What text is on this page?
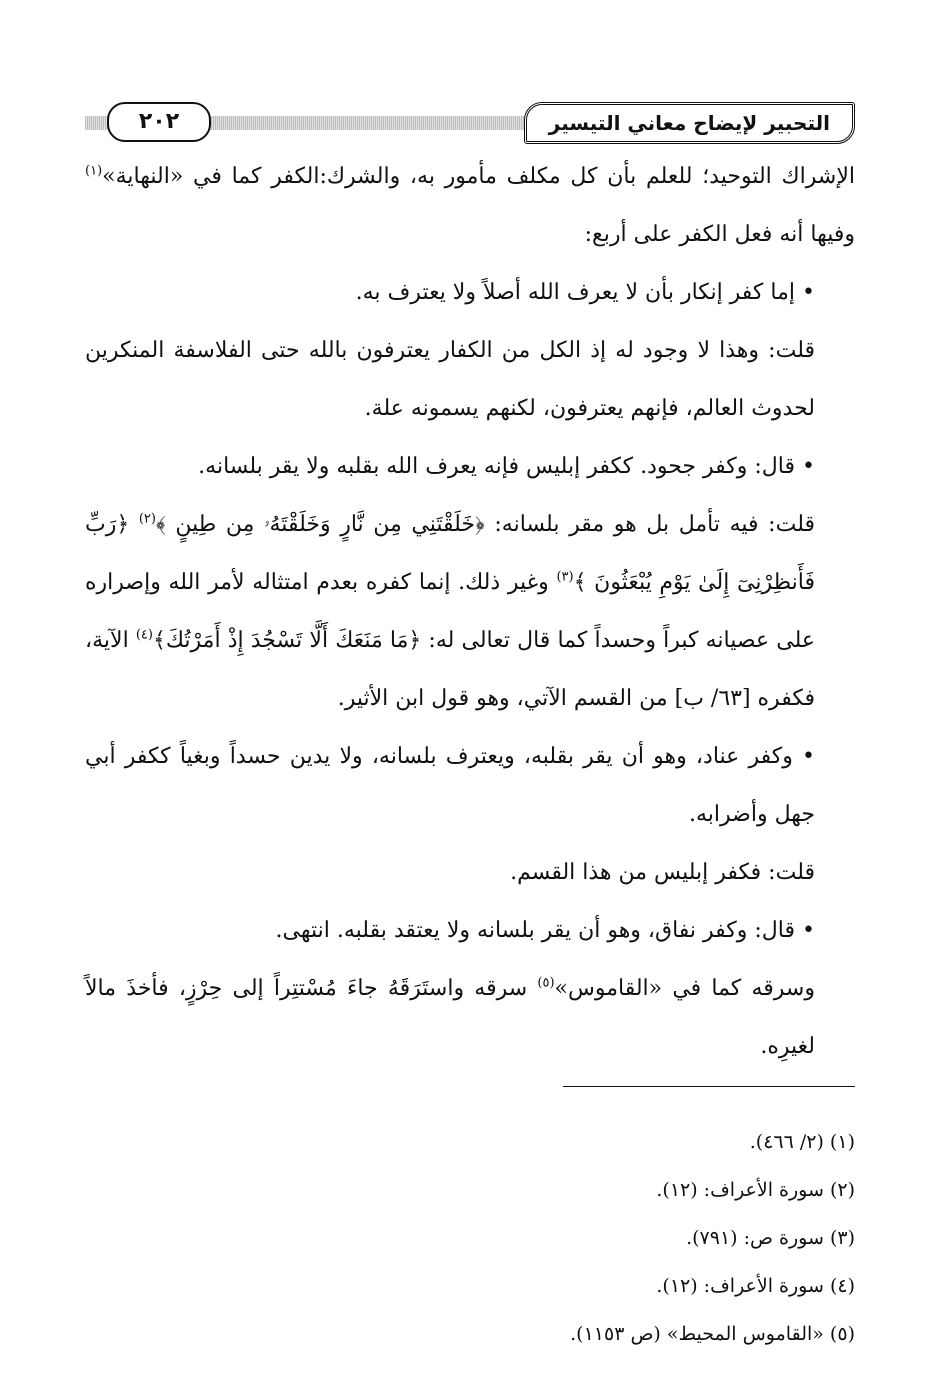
التحبير لإيضاح معاني التيسير
٢٠٢

الإشراك التوحيد؛ للعلم بأن كل مكلف مأمور به، والشرك:الكفر كما في «النهاية»$^{(١)}$ وفيها أنه فعل الكفر على أربع:

• إما كفر إنكار بأن لا يعرف الله أصلاً ولا يعترف به.

قلت: وهذا لا وجود له إذ الكل من الكفار يعترفون بالله حتى الفلاسفة المنكرين لحدوث العالم، فإنهم يعترفون، لكنهم يسمونه علة.

• قال: وكفر جحود. ككفر إبليس فإنه يعرف الله بقلبه ولا يقر بلسانه.

قلت: فيه تأمل بل هو مقر بلسانه: ﴿خَلَقْتَنِي مِن نَّارٍ وَخَلَقْتَهُۥ مِن طِينٍ ﴾$^{(٢)}$ ﴿رَبِّ فَأَنظِرْنِىٓ إِلَىٰ يَوْمِ يُبْعَثُونَ ﴾$^{(٣)}$ وغير ذلك. إنما كفره بعدم امتثاله لأمر الله وإصراره على عصيانه كبراً وحسداً كما قال تعالى له: ﴿مَا مَنَعَكَ أَلَّا تَسْجُدَ إِذْ أَمَرْتُكَ﴾$^{(٤)}$ الآية، فكفره [٦٣/ ب] من القسم الآتي، وهو قول ابن الأثير.

• وكفر عناد، وهو أن يقر بقلبه، ويعترف بلسانه، ولا يدين حسداً وبغياً ككفر أبي جهل وأضرابه.

قلت: فكفر إبليس من هذا القسم.

• قال: وكفر نفاق، وهو أن يقر بلسانه ولا يعتقد بقلبه. انتهى.

وسرقه كما في «القاموس»$^{(٥)}$ سرقه واستَرَقَهُ جاءَ مُسْتتِراً إلى حِرْزٍ، فأخذَ مالاً لغيرِه.

(١) (٢/ ٤٦٦).
(٢) سورة الأعراف: (١٢).
(٣) سورة ص: (٧٩١).
(٤) سورة الأعراف: (١٢).
(٥) «القاموس المحيط» (ص ١١٥٣).
